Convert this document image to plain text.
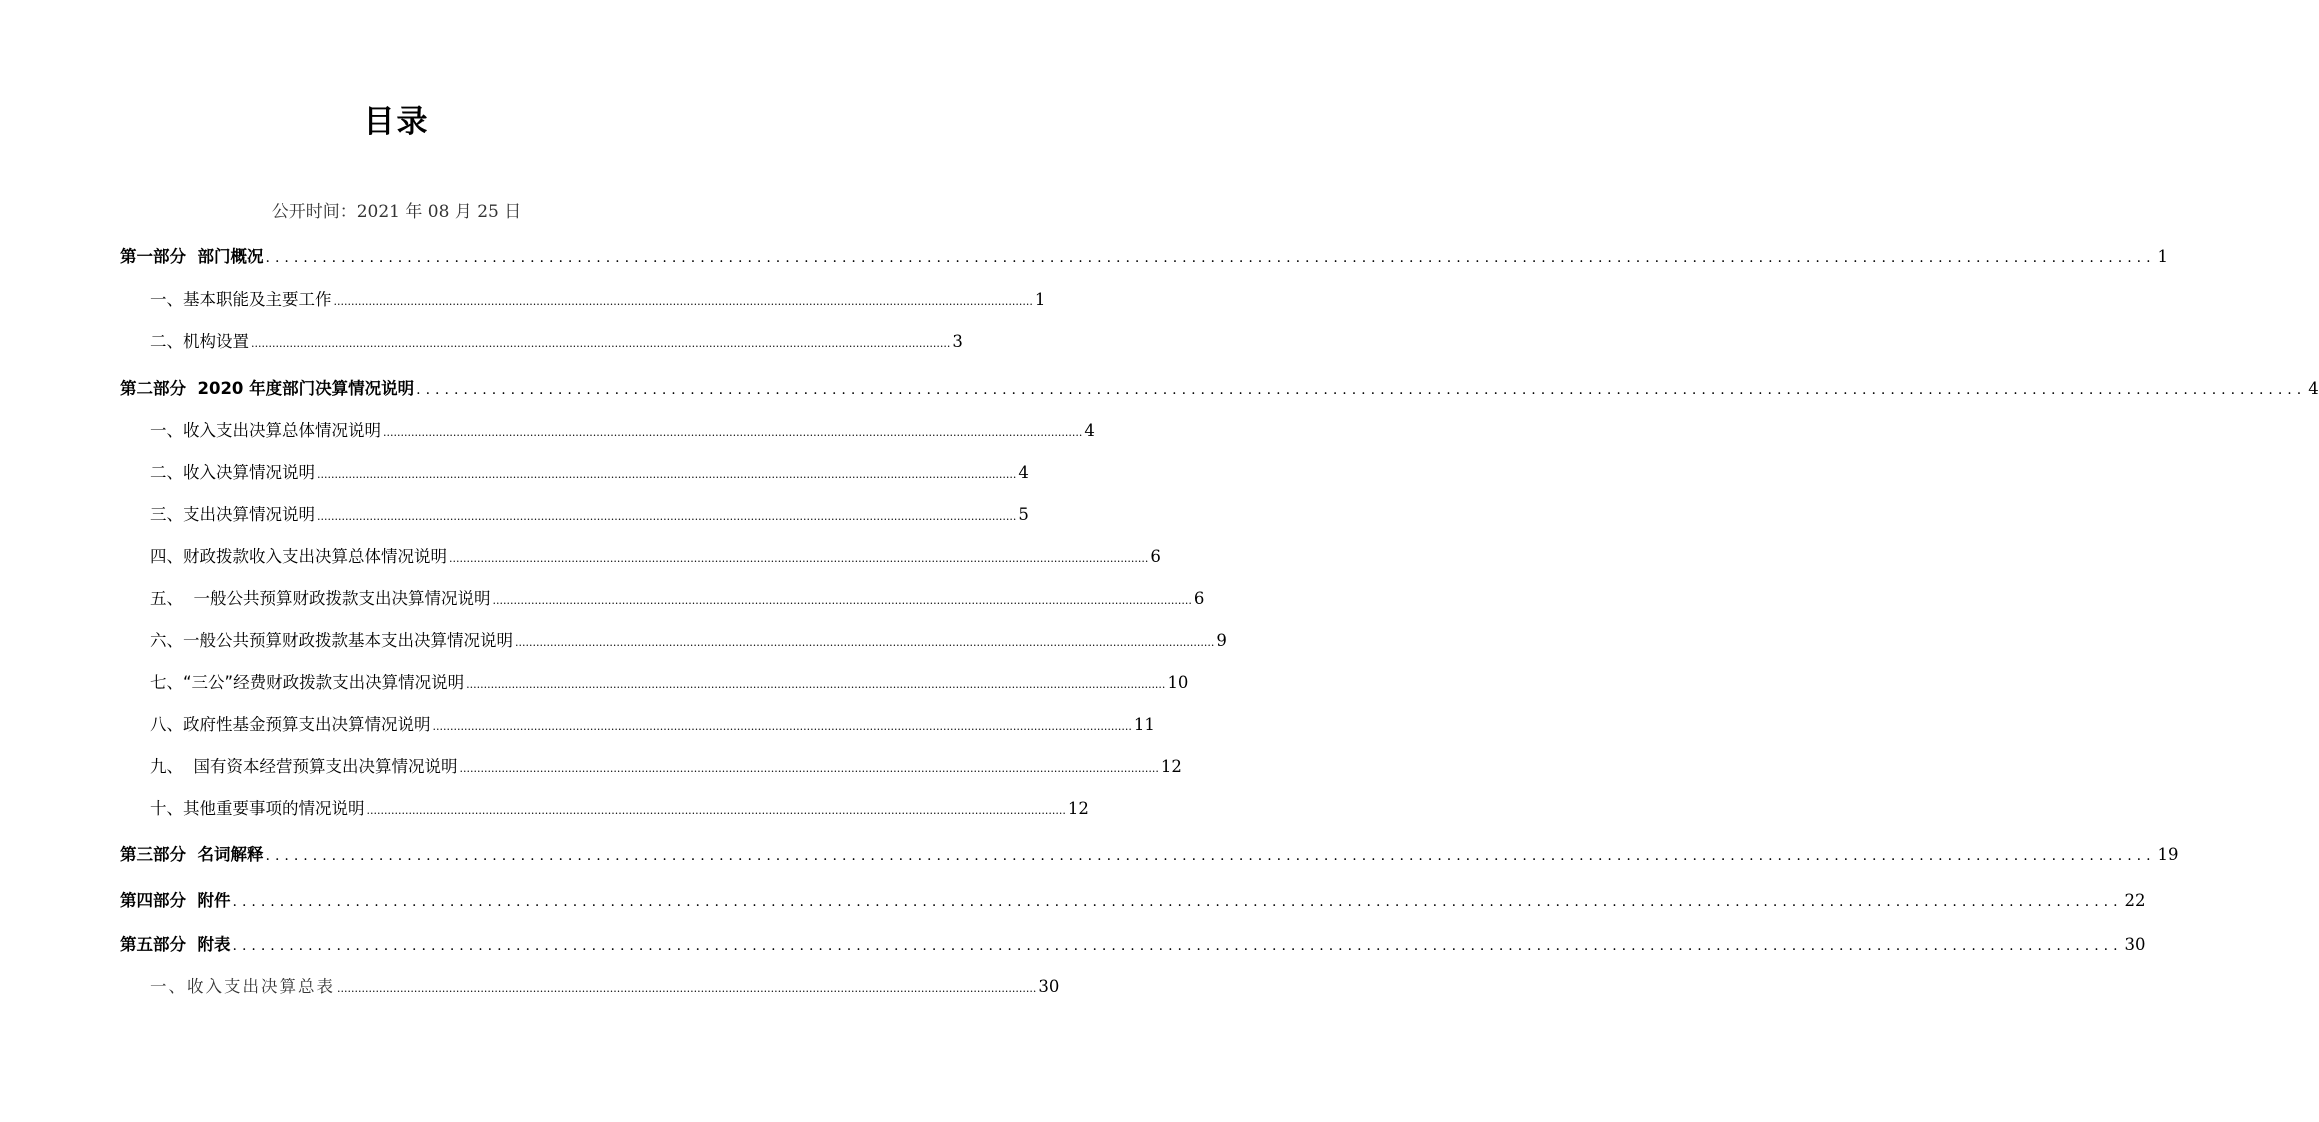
目录
公开时间：2021 年 08 月 25 日
第一部分  部门概况 ........................................................................................................................................................................................................ 1
一、基本职能及主要工作 ........................................................................................................................................................................................................ 1
二、机构设置 ........................................................................................................................................................................................................ 3
第二部分  2020 年度部门决算情况说明 ........................................................................................................................................................................................................ 4
一、收入支出决算总体情况说明 ........................................................................................................................................................................................................ 4
二、收入决算情况说明 ........................................................................................................................................................................................................ 4
三、支出决算情况说明 ........................................................................................................................................................................................................ 5
四、财政拨款收入支出决算总体情况说明 ........................................................................................................................................................................................................ 6
五、  一般公共预算财政拨款支出决算情况说明 ........................................................................................................................................................................................................ 6
六、一般公共预算财政拨款基本支出决算情况说明 ........................................................................................................................................................................................................ 9
七、“三公”经费财政拨款支出决算情况说明 ........................................................................................................................................................................................................ 10
八、政府性基金预算支出决算情况说明 ........................................................................................................................................................................................................ 11
九、  国有资本经营预算支出决算情况说明 ........................................................................................................................................................................................................ 12
十、其他重要事项的情况说明 ........................................................................................................................................................................................................ 12
第三部分  名词解释 ........................................................................................................................................................................................................ 19
第四部分  附件 ........................................................................................................................................................................................................ 22
第五部分  附表 ........................................................................................................................................................................................................ 30
一、收入支出决算总表 ........................................................................................................................................................................................................ 30
